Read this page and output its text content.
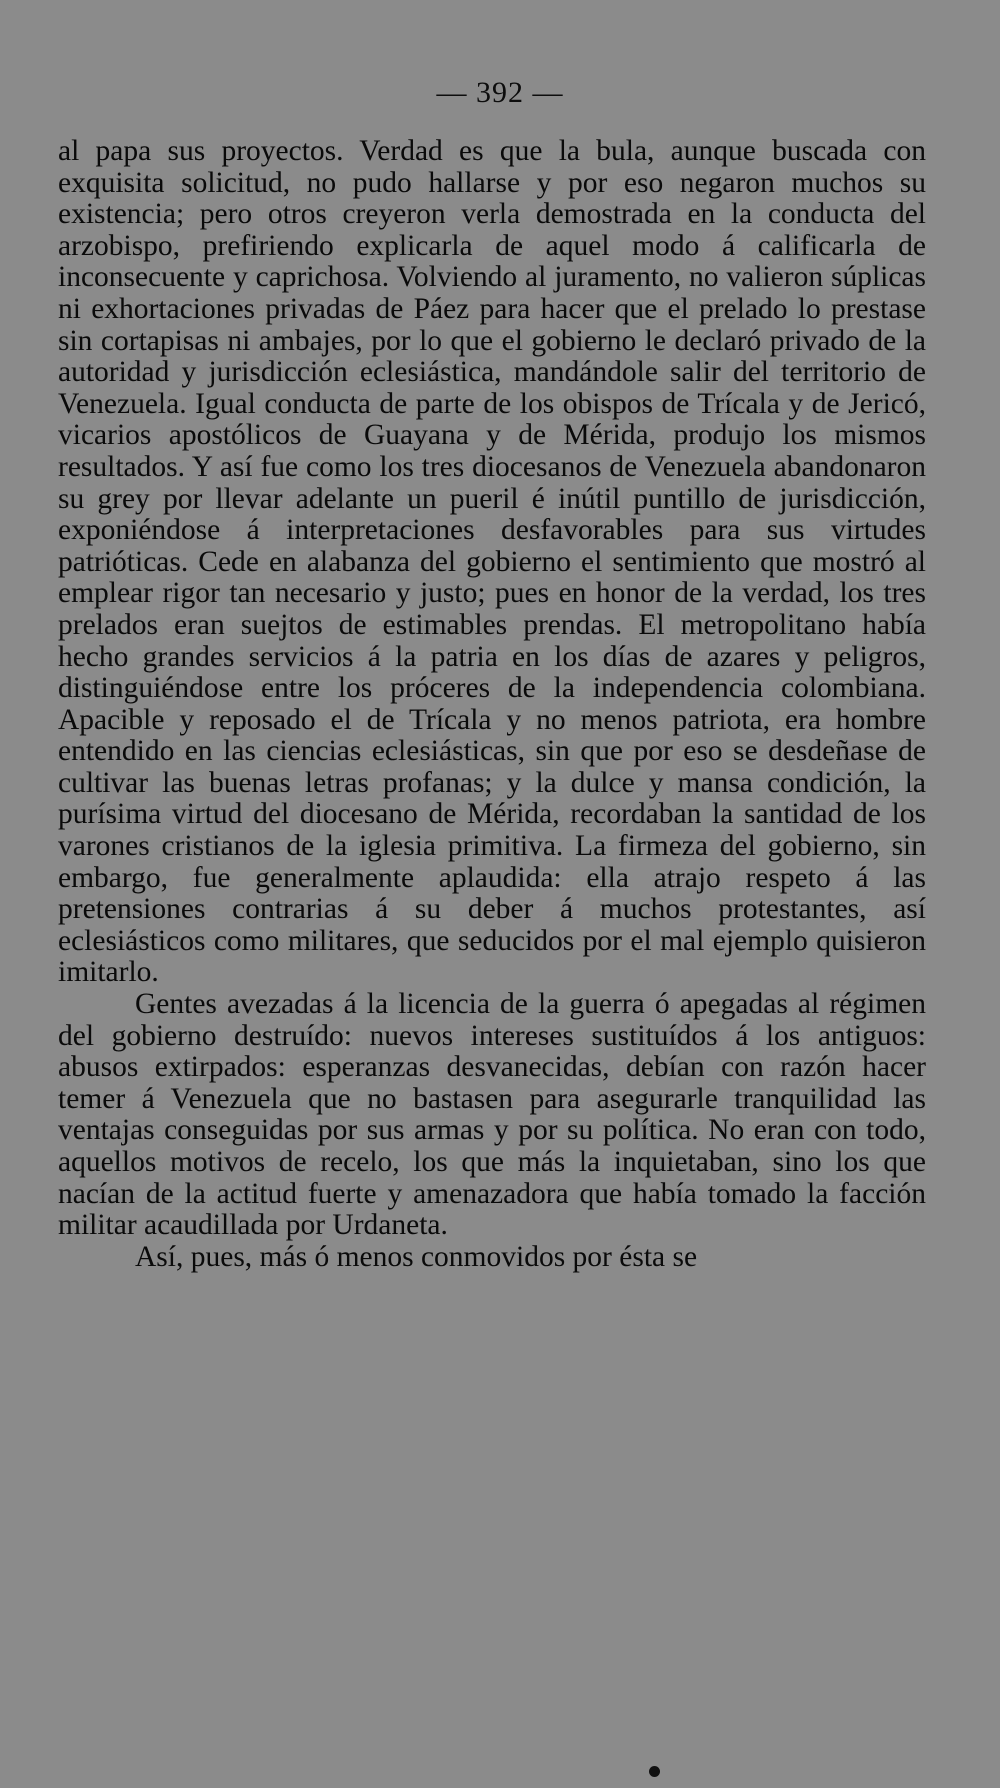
— 392 —

al papa sus proyectos. Verdad es que la bula, aunque buscada con exquisita solicitud, no pudo hallarse y por eso negaron muchos su existencia; pero otros creyeron verla demostrada en la conducta del arzobispo, prefiriendo explicarla de aquel modo á calificarla de inconsecuente y caprichosa. Volviendo al juramento, no valieron súplicas ni exhortaciones privadas de Páez para hacer que el prelado lo prestase sin cortapisas ni ambajes, por lo que el gobierno le declaró privado de la autoridad y jurisdicción eclesiástica, mandándole salir del territorio de Venezuela. Igual conducta de parte de los obispos de Trícala y de Jericó, vicarios apostólicos de Guayana y de Mérida, produjo los mismos resultados. Y así fue como los tres diocesanos de Venezuela abandonaron su grey por llevar adelante un pueril é inútil puntillo de jurisdicción, exponiéndose á interpretaciones desfavorables para sus virtudes patrióticas. Cede en alabanza del gobierno el sentimiento que mostró al emplear rigor tan necesario y justo; pues en honor de la verdad, los tres prelados eran suejtos de estimables prendas. El metropolitano había hecho grandes servicios á la patria en los días de azares y peligros, distinguiéndose entre los próceres de la independencia colombiana. Apacible y reposado el de Trícala y no menos patriota, era hombre entendido en las ciencias eclesiásticas, sin que por eso se desdeñase de cultivar las buenas letras profanas; y la dulce y mansa condición, la purísima virtud del diocesano de Mérida, recordaban la santidad de los varones cristianos de la iglesia primitiva. La firmeza del gobierno, sin embargo, fue generalmente aplaudida: ella atrajo respeto á las pretensiones contrarias á su deber á muchos protestantes, así eclesiásticos como militares, que seducidos por el mal ejemplo quisieron imitarlo.

Gentes avezadas á la licencia de la guerra ó apegadas al régimen del gobierno destruído: nuevos intereses sustituídos á los antiguos: abusos extirpados: esperanzas desvanecidas, debían con razón hacer temer á Venezuela que no bastasen para asegurarle tranquilidad las ventajas conseguidas por sus armas y por su política. No eran con todo, aquellos motivos de recelo, los que más la inquietaban, sino los que nacían de la actitud fuerte y amenazadora que había tomado la facción militar acaudillada por Urdaneta.

Así, pues, más ó menos conmovidos por ésta se
